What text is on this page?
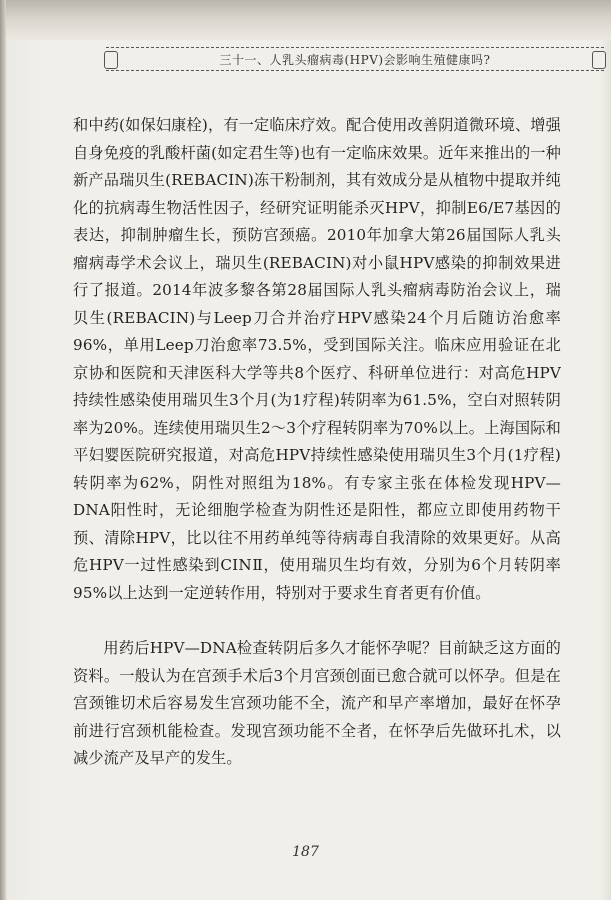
三十一、人乳头瘤病毒(HPV)会影响生殖健康吗?

和中药(如保妇康栓)，有一定临床疗效。配合使用改善阴道微环境、增强自身免疫的乳酸杆菌(如定君生等)也有一定临床效果。近年来推出的一种新产品瑞贝生(REBACIN)冻干粉制剂，其有效成分是从植物中提取并纯化的抗病毒生物活性因子，经研究证明能杀灭HPV，抑制E6/E7基因的表达，抑制肿瘤生长，预防宫颈癌。2010年加拿大第26届国际人乳头瘤病毒学术会议上，瑞贝生(REBACIN)对小鼠HPV感染的抑制效果进行了报道。2014年波多黎各第28届国际人乳头瘤病毒防治会议上，瑞贝生(REBACIN)与Leep刀合并治疗HPV感染24个月后随访治愈率96%，单用Leep刀治愈率73.5%，受到国际关注。临床应用验证在北京协和医院和天津医科大学等共8个医疗、科研单位进行：对高危HPV持续性感染使用瑞贝生3个月(为1疗程)转阴率为61.5%，空白对照转阴率为20%。连续使用瑞贝生2～3个疗程转阴率为70%以上。上海国际和平妇婴医院研究报道，对高危HPV持续性感染使用瑞贝生3个月(1疗程)转阴率为62%，阴性对照组为18%。有专家主张在体检发现HPV—DNA阳性时，无论细胞学检查为阴性还是阳性，都应立即使用药物干预、清除HPV，比以往不用药单纯等待病毒自我清除的效果更好。从高危HPV一过性感染到CINⅡ，使用瑞贝生均有效，分别为6个月转阴率95%以上达到一定逆转作用，特别对于要求生育者更有价值。

用药后HPV—DNA检查转阴后多久才能怀孕呢？目前缺乏这方面的资料。一般认为在宫颈手术后3个月宫颈创面已愈合就可以怀孕。但是在宫颈锥切术后容易发生宫颈功能不全，流产和早产率增加，最好在怀孕前进行宫颈机能检查。发现宫颈功能不全者，在怀孕后先做环扎术，以减少流产及早产的发生。

187
